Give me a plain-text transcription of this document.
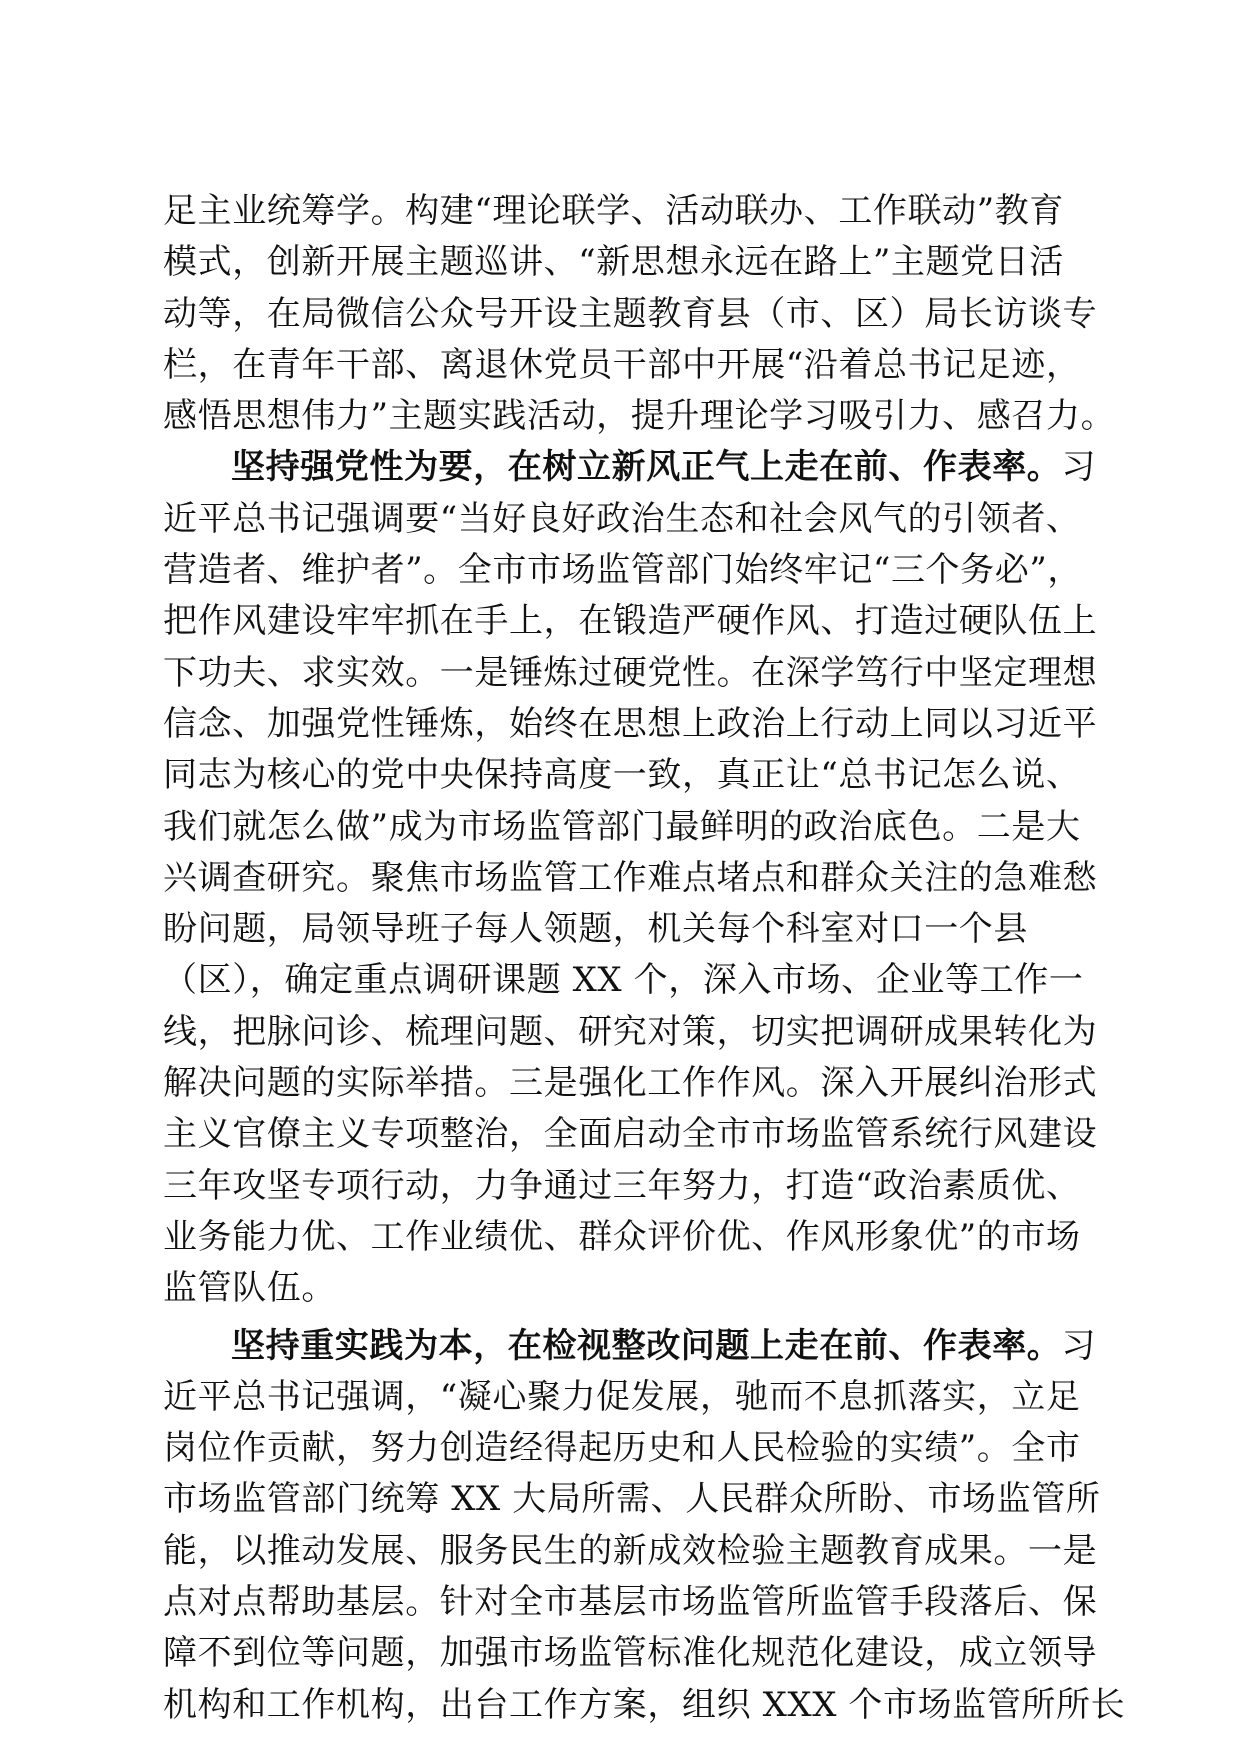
足主业统筹学。构建“理论联学、活动联办、工作联动”教育
模式，创新开展主题巡讲、“新思想永远在路上”主题党日活
动等，在局微信公众号开设主题教育县（市、区）局长访谈专
栏，在青年干部、离退休党员干部中开展“沿着总书记足迹，
感悟思想伟力”主题实践活动，提升理论学习吸引力、感召力。
坚持强党性为要，在树立新风正气上走在前、作表率。习
近平总书记强调要“当好良好政治生态和社会风气的引领者、
营造者、维护者”。全市市场监管部门始终牢记“三个务必”，
把作风建设牢牢抓在手上，在锻造严硬作风、打造过硬队伍上
下功夫、求实效。一是锤炼过硬党性。在深学笃行中坚定理想
信念、加强党性锤炼，始终在思想上政治上行动上同以习近平
同志为核心的党中央保持高度一致，真正让“总书记怎么说、
我们就怎么做”成为市场监管部门最鲜明的政治底色。二是大
兴调查研究。聚焦市场监管工作难点堵点和群众关注的急难愁
盼问题，局领导班子每人领题，机关每个科室对口一个县
（区），确定重点调研课题 XX 个，深入市场、企业等工作一
线，把脉问诊、梳理问题、研究对策，切实把调研成果转化为
解决问题的实际举措。三是强化工作作风。深入开展纠治形式
主义官僚主义专项整治，全面启动全市市场监管系统行风建设
三年攻坚专项行动，力争通过三年努力，打造“政治素质优、
业务能力优、工作业绩优、群众评价优、作风形象优”的市场
监管队伍。
坚持重实践为本，在检视整改问题上走在前、作表率。习
近平总书记强调，“凝心聚力促发展，驰而不息抓落实，立足
岗位作贡献，努力创造经得起历史和人民检验的实绩”。全市
市场监管部门统筹 XX 大局所需、人民群众所盼、市场监管所
能，以推动发展、服务民生的新成效检验主题教育成果。一是
点对点帮助基层。针对全市基层市场监管所监管手段落后、保
障不到位等问题，加强市场监管标准化规范化建设，成立领导
机构和工作机构，出台工作方案，组织 XXX 个市场监管所所长
